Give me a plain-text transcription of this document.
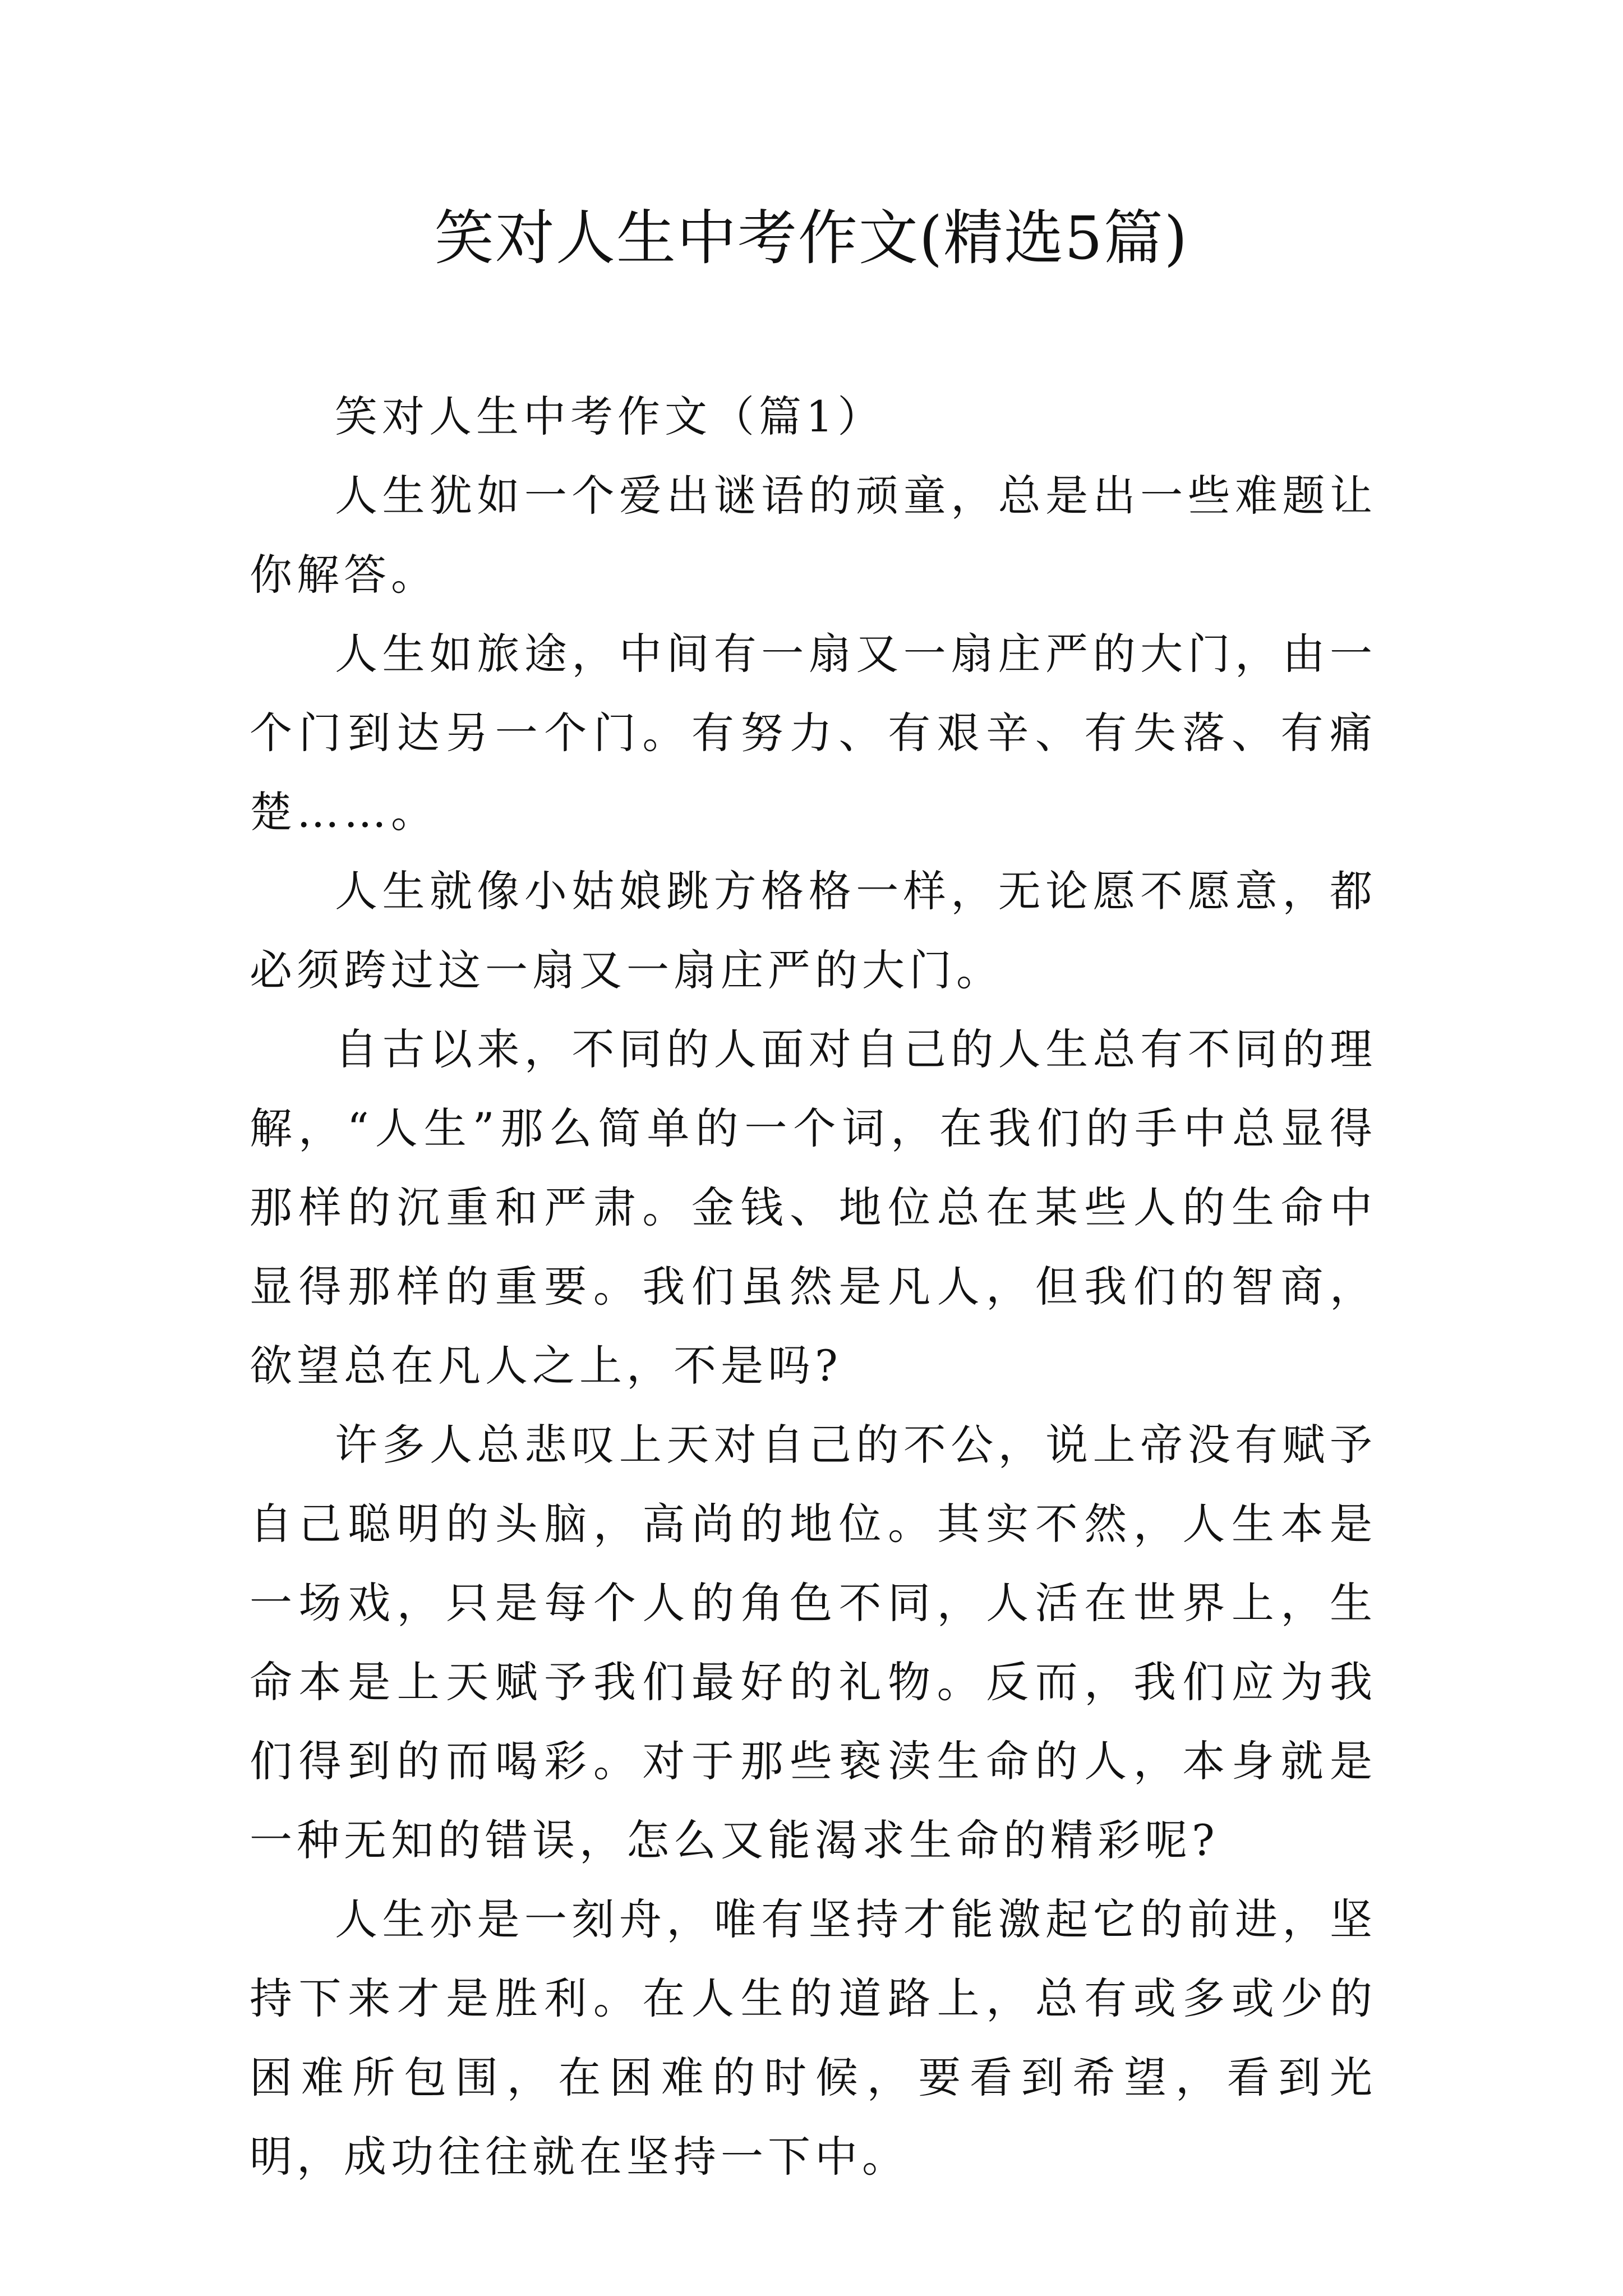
笑对人生中考作文(精选5篇)

笑对人生中考作文（篇1）

人生犹如一个爱出谜语的顽童，总是出一些难题让你解答。

人生如旅途，中间有一扇又一扇庄严的大门，由一个门到达另一个门。有努力、有艰辛、有失落、有痛楚……。

人生就像小姑娘跳方格格一样，无论愿不愿意，都必须跨过这一扇又一扇庄严的大门。

自古以来，不同的人面对自己的人生总有不同的理解，“人生”那么简单的一个词，在我们的手中总显得那样的沉重和严肃。金钱、地位总在某些人的生命中显得那样的重要。我们虽然是凡人，但我们的智商，欲望总在凡人之上，不是吗?

许多人总悲叹上天对自己的不公，说上帝没有赋予自己聪明的头脑，高尚的地位。其实不然，人生本是一场戏，只是每个人的角色不同，人活在世界上，生命本是上天赋予我们最好的礼物。反而，我们应为我们得到的而喝彩。对于那些亵渎生命的人，本身就是一种无知的错误，怎么又能渴求生命的精彩呢?

人生亦是一刻舟，唯有坚持才能激起它的前进，坚持下来才是胜利。在人生的道路上，总有或多或少的困难所包围，在困难的时候，要看到希望，看到光明，成功往往就在坚持一下中。
